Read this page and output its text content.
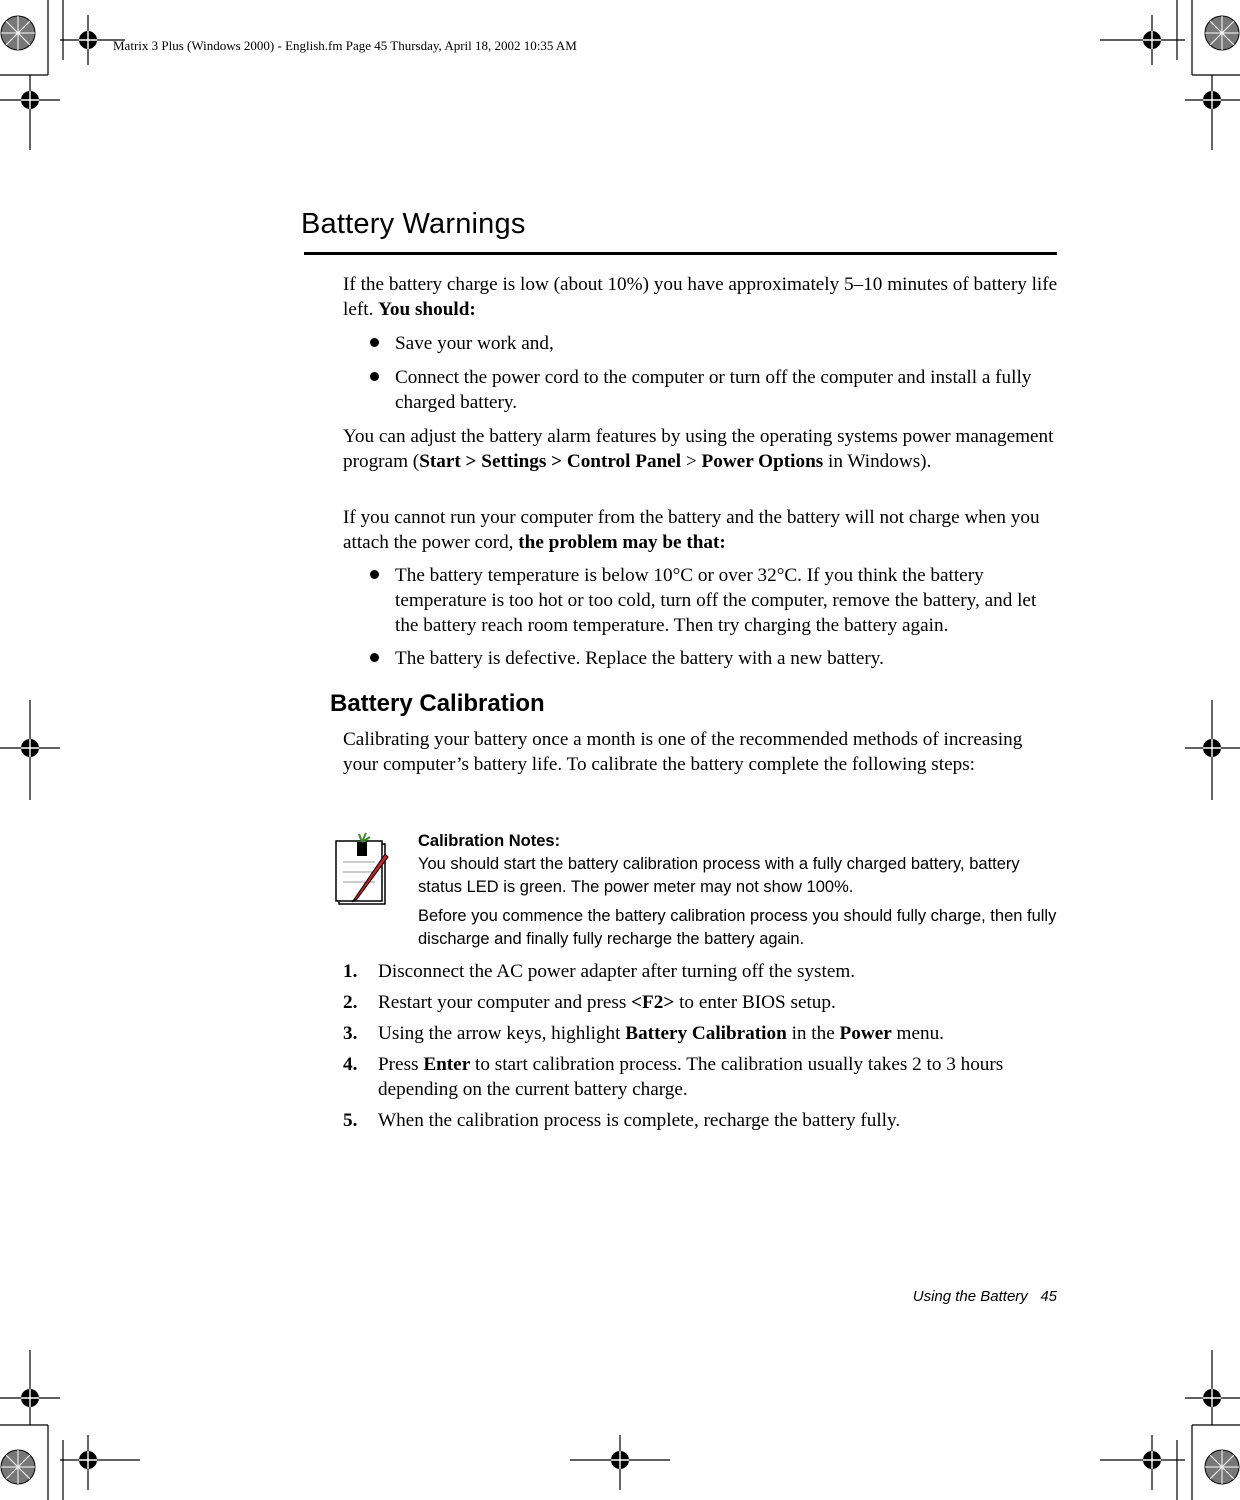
Matrix 3 Plus (Windows 2000) - English.fm Page 45 Thursday, April 18, 2002 10:35 AM
Battery Warnings

If the battery charge is low (about 10%) you have approximately 5–10 minutes of battery life left. You should:

Save your work and,
Connect the power cord to the computer or turn off the computer and install a fully charged battery.

You can adjust the battery alarm features by using the operating systems power management program (Start > Settings > Control Panel > Power Options in Windows).

If you cannot run your computer from the battery and the battery will not charge when you attach the power cord, the problem may be that:

The battery temperature is below 10°C or over 32°C. If you think the battery temperature is too hot or too cold, turn off the computer, remove the battery, and let the battery reach room temperature. Then try charging the battery again.
The battery is defective. Replace the battery with a new battery.
Battery Calibration
Calibrating your battery once a month is one of the recommended methods of increasing your computer’s battery life. To calibrate the battery complete the following steps:
Calibration Notes:
You should start the battery calibration process with a fully charged battery, battery status LED is green. The power meter may not show 100%.
Before you commence the battery calibration process you should fully charge, then fully discharge and finally fully recharge the battery again.
1. Disconnect the AC power adapter after turning off the system.
2. Restart your computer and press <F2> to enter BIOS setup.
3. Using the arrow keys, highlight Battery Calibration in the Power menu.
4. Press Enter to start calibration process. The calibration usually takes 2 to 3 hours depending on the current battery charge.
5. When the calibration process is complete, recharge the battery fully.
Using the Battery 45
